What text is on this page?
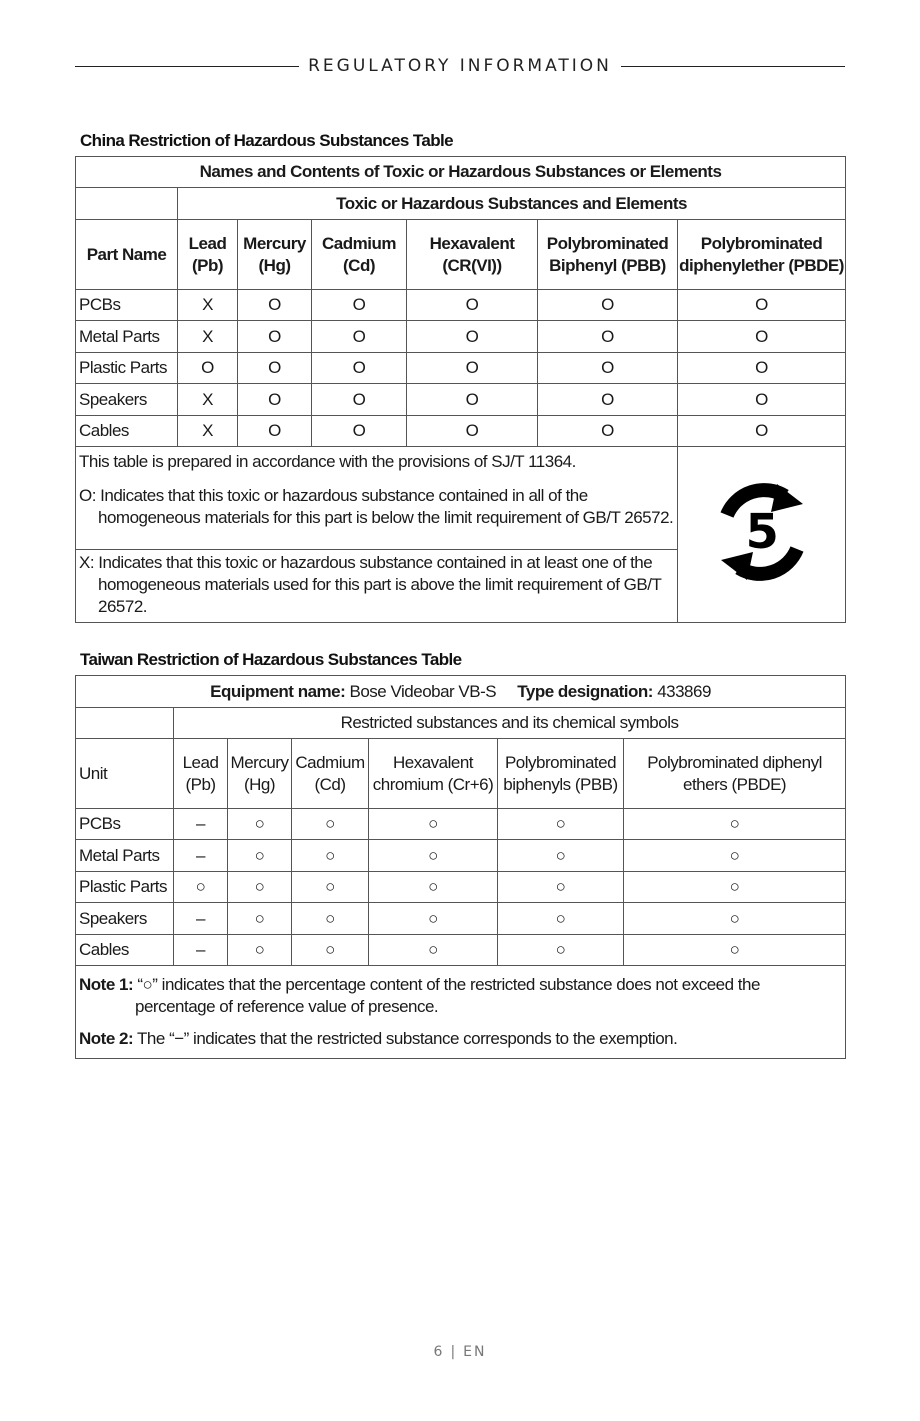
REGULATORY INFORMATION
China Restriction of Hazardous Substances Table
Names and Contents of Toxic or Hazardous Substances or Elements						
	Toxic or Hazardous Substances and Elements					
Part Name	Lead (Pb)	Mercury (Hg)	Cadmium (Cd)	Hexavalent (CR(VI))	Polybrominated Biphenyl (PBB)	Polybrominated diphenylether (PBDE)
PCBs	X	O	O	O	O	O
Metal Parts	X	O	O	O	O	O
Plastic Parts	O	O	O	O	O	O
Speakers	X	O	O	O	O	O
Cables	X	O	O	O	O	O

This table is prepared in accordance with the provisions of SJ/T 11364.
O: Indicates that this toxic or hazardous substance contained in all of the homogeneous materials for this part is below the limit requirement of GB/T 26572.						5

X: Indicates that this toxic or hazardous substance contained in at least one of the homogeneous materials used for this part is above the limit requirement of GB/T 26572.						
Taiwan Restriction of Hazardous Substances Table
Equipment name: Bose Videobar VB-S Type designation: 433869						
	Restricted substances and its chemical symbols					
Unit	Lead (Pb)	Mercury (Hg)	Cadmium (Cd)	Hexavalent chromium (Cr+6)	Polybrominated biphenyls (PBB)	Polybrominated diphenyl ethers (PBDE)
PCBs	–	○	○	○	○	○
Metal Parts	–	○	○	○	○	○
Plastic Parts	○	○	○	○	○	○
Speakers	–	○	○	○	○	○
Cables	–	○	○	○	○	○

Note 1: “○” indicates that the percentage content of the restricted substance does not exceed the percentage of reference value of presence.
Note 2: The “−” indicates that the restricted substance corresponds to the exemption.						
6 | EN
